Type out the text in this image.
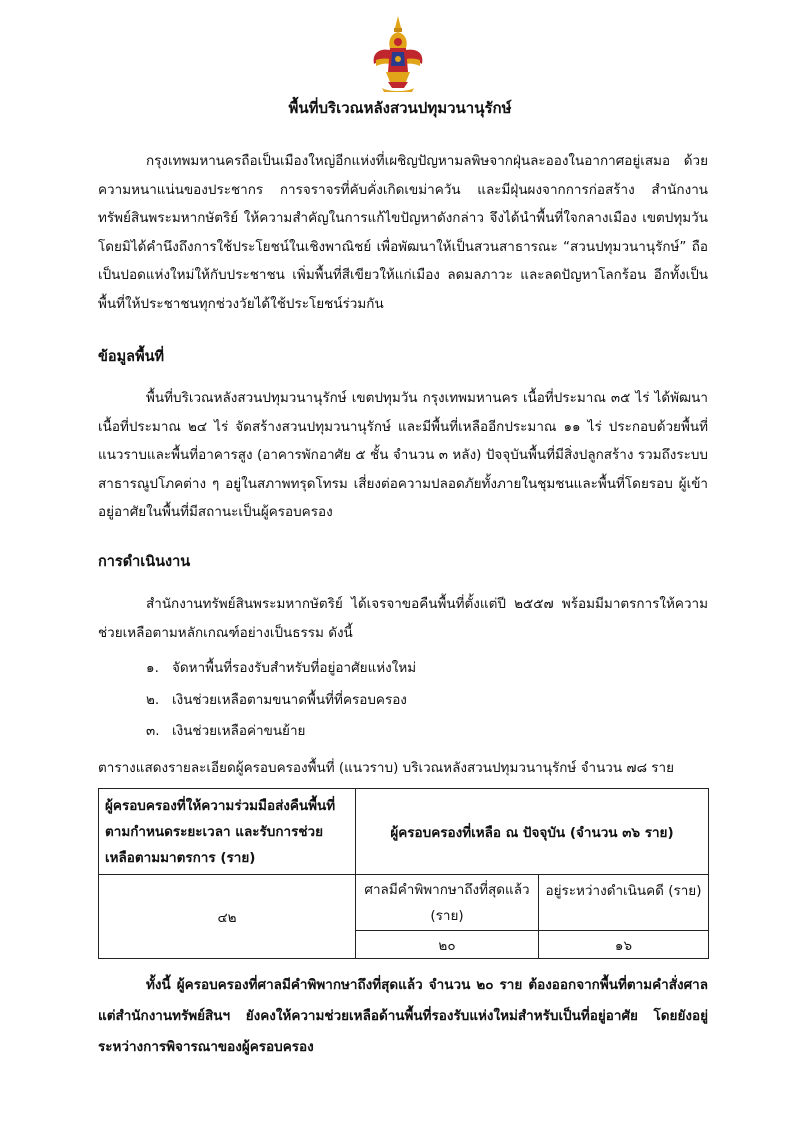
พื้นที่บริเวณหลังสวนปทุมวนานุรักษ์
กรุงเทพมหานครถือเป็นเมืองใหญ่อีกแห่งที่เผชิญปัญหามลพิษจากฝุ่นละอองในอากาศอยู่เสมอ ด้วยความหนาแน่นของประชากร การจราจรที่คับคั่งเกิดเขม่าควัน และมีฝุ่นผงจากการก่อสร้าง สำนักงานทรัพย์สินพระมหากษัตริย์ ให้ความสำคัญในการแก้ไขปัญหาดังกล่าว จึงได้นำพื้นที่ใจกลางเมือง เขตปทุมวัน โดยมิได้คำนึงถึงการใช้ประโยชน์ในเชิงพาณิชย์ เพื่อพัฒนาให้เป็นสวนสาธารณะ “สวนปทุมวนานุรักษ์” ถือเป็นปอดแห่งใหม่ให้กับประชาชน เพิ่มพื้นที่สีเขียวให้แก่เมือง ลดมลภาวะ และลดปัญหาโลกร้อน อีกทั้งเป็นพื้นที่ให้ประชาชนทุกช่วงวัยได้ใช้ประโยชน์ร่วมกัน
ข้อมูลพื้นที่
พื้นที่บริเวณหลังสวนปทุมวนานุรักษ์ เขตปทุมวัน กรุงเทพมหานคร เนื้อที่ประมาณ ๓๕ ไร่ ได้พัฒนาเนื้อที่ประมาณ ๒๔ ไร่ จัดสร้างสวนปทุมวนานุรักษ์ และมีพื้นที่เหลืออีกประมาณ ๑๑ ไร่ ประกอบด้วยพื้นที่แนวราบและพื้นที่อาคารสูง (อาคารพักอาศัย ๕ ชั้น จำนวน ๓ หลัง) ปัจจุบันพื้นที่มีสิ่งปลูกสร้าง รวมถึงระบบสาธารณูปโภคต่าง ๆ อยู่ในสภาพทรุดโทรม เสี่ยงต่อความปลอดภัยทั้งภายในชุมชนและพื้นที่โดยรอบ ผู้เข้าอยู่อาศัยในพื้นที่มีสถานะเป็นผู้ครอบครอง
การดำเนินงาน
สำนักงานทรัพย์สินพระมหากษัตริย์ ได้เจรจาขอคืนพื้นที่ตั้งแต่ปี ๒๕๕๗ พร้อมมีมาตรการให้ความช่วยเหลือตามหลักเกณฑ์อย่างเป็นธรรม ดังนี้
๑. จัดหาพื้นที่รองรับสำหรับที่อยู่อาศัยแห่งใหม่
๒. เงินช่วยเหลือตามขนาดพื้นที่ที่ครอบครอง
๓. เงินช่วยเหลือค่าขนย้าย
ตารางแสดงรายละเอียดผู้ครอบครองพื้นที่ (แนวราบ) บริเวณหลังสวนปทุมวนานุรักษ์ จำนวน ๗๘ ราย
ผู้ครอบครองที่ให้ความร่วมมือส่งคืนพื้นที่ตามกำหนดระยะเวลา และรับการช่วยเหลือตามมาตรการ (ราย)	ผู้ครอบครองที่เหลือ ณ ปัจจุบัน (จำนวน ๓๖ ราย)	
๔๒	ศาลมีคำพิพากษาถึงที่สุดแล้ว (ราย)	อยู่ระหว่างดำเนินคดี (ราย)
	๒๐	๑๖
ทั้งนี้ ผู้ครอบครองที่ศาลมีคำพิพากษาถึงที่สุดแล้ว จำนวน ๒๐ ราย ต้องออกจากพื้นที่ตามคำสั่งศาล แต่สำนักงานทรัพย์สินฯ ยังคงให้ความช่วยเหลือด้านพื้นที่รองรับแห่งใหม่สำหรับเป็นที่อยู่อาศัย โดยยังอยู่ระหว่างการพิจารณาของผู้ครอบครอง
